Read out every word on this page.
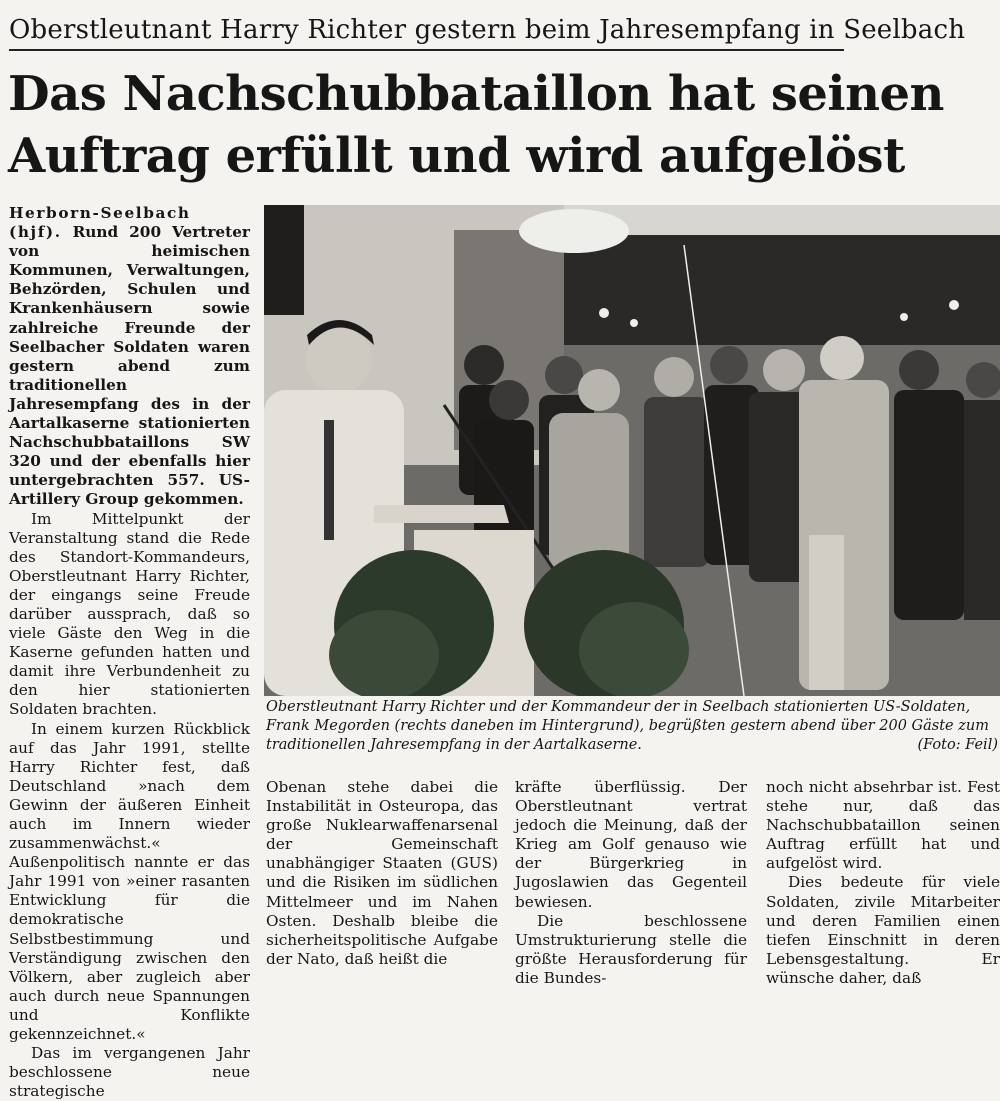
Oberstleutnant Harry Richter gestern beim Jahresempfang in Seelbach
Das Nachschubbataillon hat seinen Auftrag erfüllt und wird aufgelöst

Herborn-Seelbach (hjf). Rund 200 Vertreter von heimischen Kommunen, Verwaltungen, Behzörden, Schulen und Krankenhäusern sowie zahlreiche Freunde der Seelbacher Soldaten waren gestern abend zum traditionellen Jahresempfang des in der Aartalkaserne stationierten Nachschubbataillons SW 320 und der ebenfalls hier untergebrachten 557. US-Artillery Group gekommen.

Im Mittelpunkt der Veranstaltung stand die Rede des Standort-Kommandeurs, Oberstleutnant Harry Richter, der eingangs seine Freude darüber aussprach, daß so viele Gäste den Weg in die Kaserne gefunden hatten und damit ihre Verbundenheit zu den hier stationierten Soldaten brachten.

In einem kurzen Rückblick auf das Jahr 1991, stellte Harry Richter fest, daß Deutschland »nach dem Gewinn der äußeren Einheit auch im Innern wieder zusammenwächst.« Außenpolitisch nannte er das Jahr 1991 von »einer rasanten Entwicklung für die demokratische Selbstbestimmung und Verständigung zwischen den Völkern, aber zugleich aber auch durch neue Spannungen und Konflikte gekennzeichnet.«

Das im vergangenen Jahr beschlossene neue strategische

Oberstleutnant Harry Richter und der Kommandeur der in Seelbach stationierten US-Soldaten, Frank Megorden (rechts daneben im Hintergrund), begrüßten gestern abend über 200 Gäste zum traditionellen Jahresempfang in der Aartalkaserne.	(Foto: Feil)

Obenan stehe dabei die Instabilität in Osteuropa, das große Nuklearwaffenarsenal der Gemeinschaft unabhängiger Staaten (GUS) und die Risiken im südlichen Mittelmeer und im Nahen Osten. Deshalb bleibe die sicherheitspolitische Aufgabe der Nato, daß heißt die

kräfte überflüssig. Der Oberstleutnant vertrat jedoch die Meinung, daß der Krieg am Golf genauso wie der Bürgerkrieg in Jugoslawien das Gegenteil bewiesen.

Die beschlossene Umstrukturierung stelle die größte Herausforderung für die Bundes-

noch nicht absehrbar ist. Fest stehe nur, daß das Nachschubbataillon seinen Auftrag erfüllt hat und aufgelöst wird.

Dies bedeute für viele Soldaten, zivile Mitarbeiter und deren Familien einen tiefen Einschnitt in deren Lebensgestaltung. Er wünsche daher, daß
